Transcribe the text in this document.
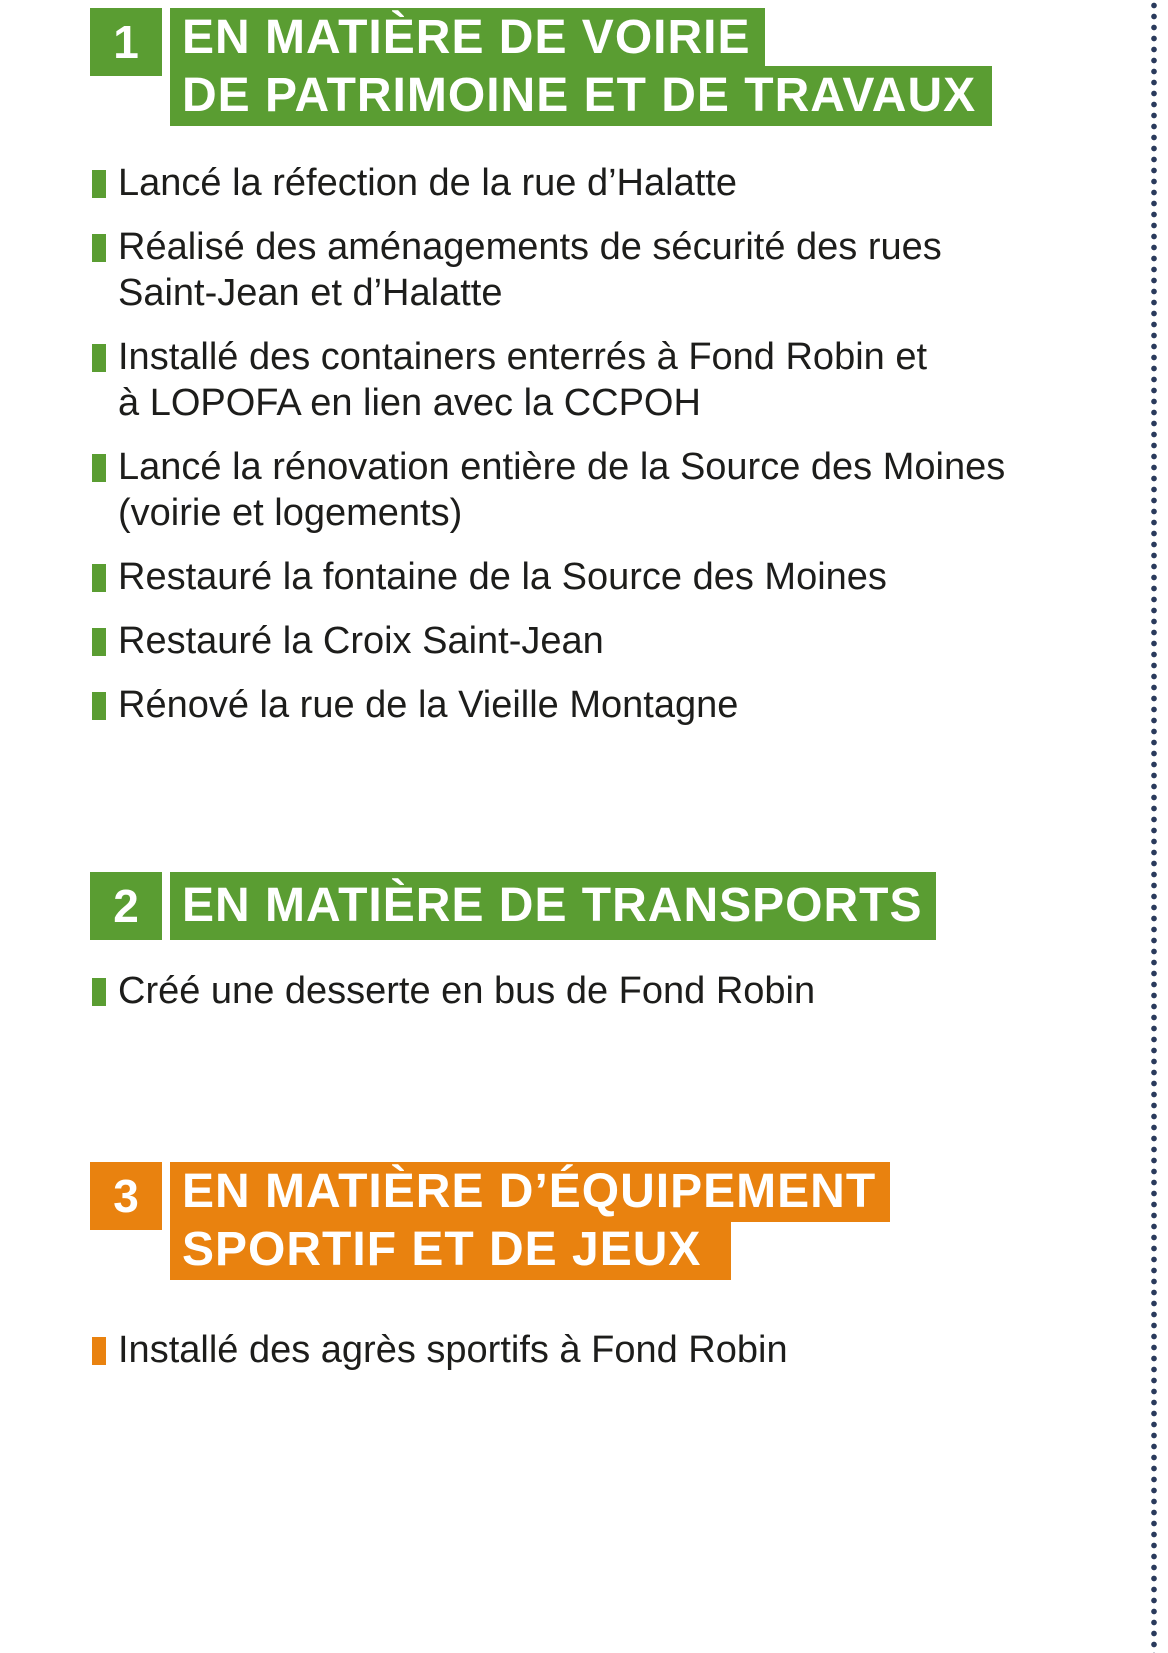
1 EN MATIÈRE DE VOIRIE
DE PATRIMOINE ET DE TRAVAUX
Lancé la réfection de la rue d’Halatte
Réalisé des aménagements de sécurité des rues
Saint-Jean et d’Halatte
Installé des containers enterrés à Fond Robin et
à LOPOFA en lien avec la CCPOH
Lancé la rénovation entière de la Source des Moines
(voirie et logements)
Restauré la fontaine de la Source des Moines
Restauré la Croix Saint-Jean
Rénové la rue de la Vieille Montagne
2 EN MATIÈRE DE TRANSPORTS
Créé une desserte en bus de Fond Robin
3 EN MATIÈRE D’ÉQUIPEMENT
SPORTIF ET DE JEUX
Installé des agrès sportifs à Fond Robin
